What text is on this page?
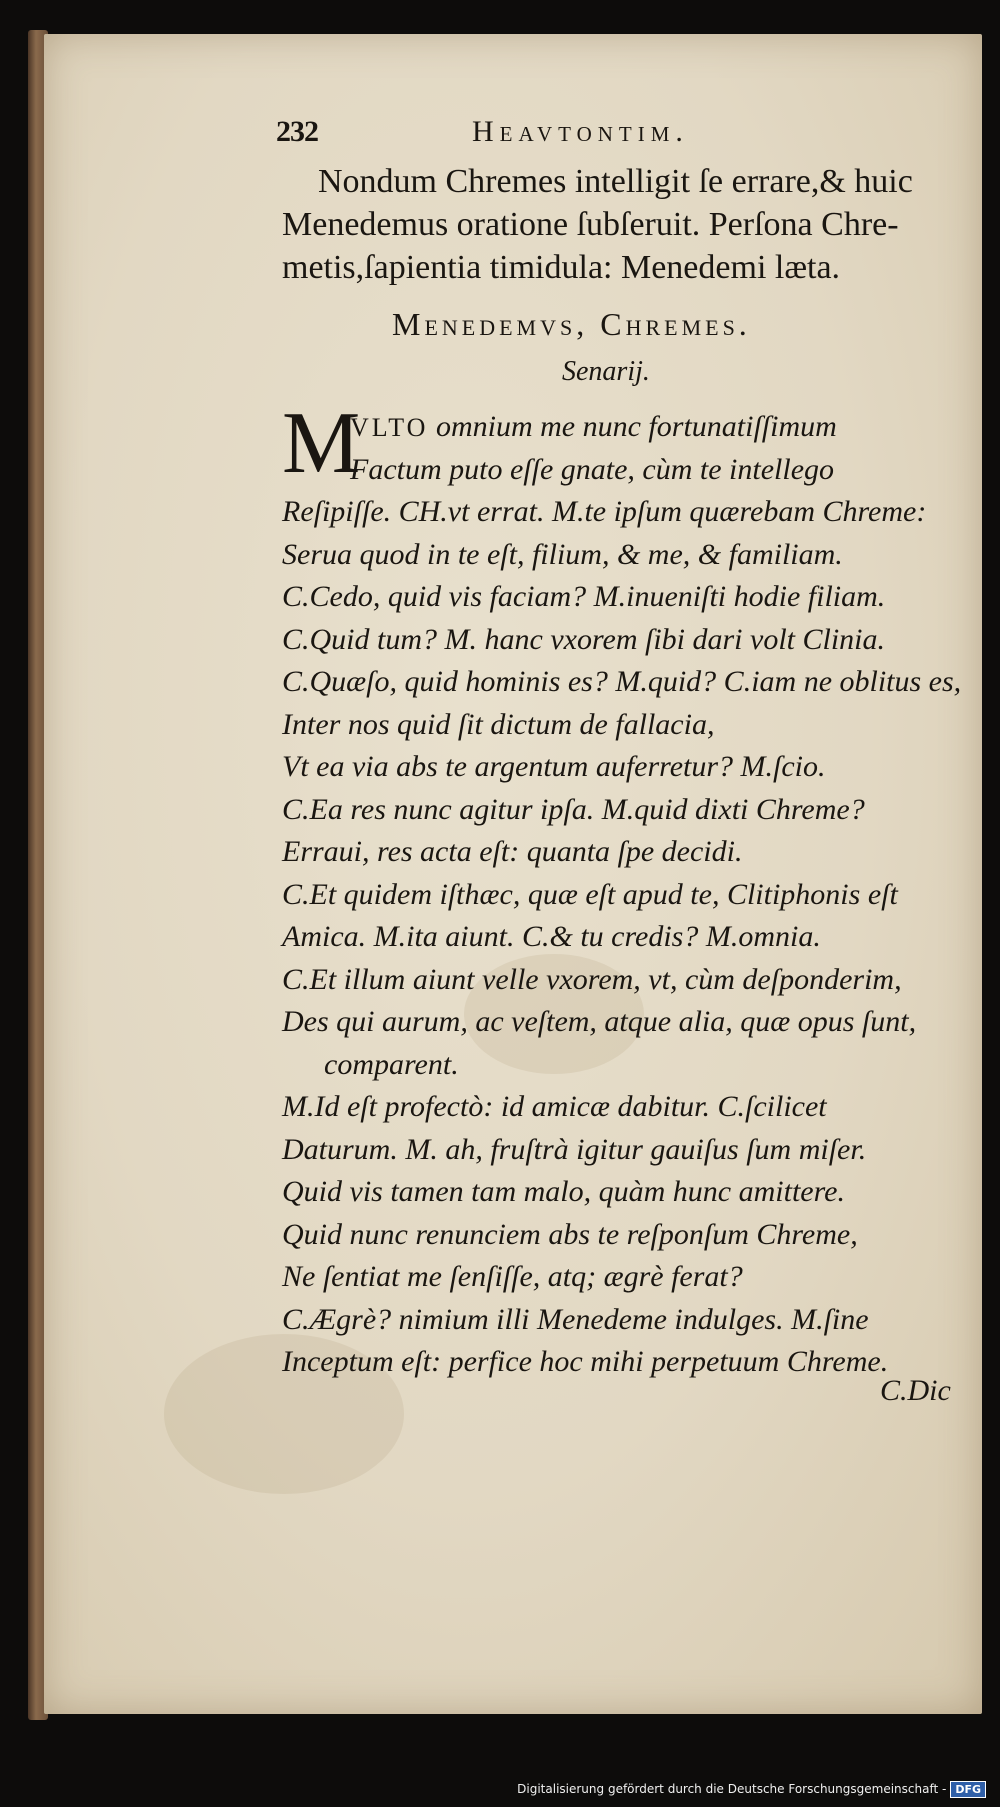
232	Heavtontim.
Nondum Chremes intelligit ſe errare,& huic
Menedemus oratione ſubſeruit. Perſona Chre-
metis,ſapientia timidula: Menedemi læta.
Menedemvs, Chremes.
Senarij.
M
VLTO omnium me nunc fortunatiſſimum
Factum puto eſſe gnate, cùm te intellego
Reſipiſſe. CH.vt errat. M.te ipſum quærebam Chreme:
Serua quod in te eſt, filium, & me, & familiam.
C.Cedo, quid vis faciam? M.inueniſti hodie filiam.
C.Quid tum? M. hanc vxorem ſibi dari volt Clinia.
C.Quæſo, quid hominis es? M.quid? C.iam ne oblitus es,
Inter nos quid ſit dictum de fallacia,
Vt ea via abs te argentum auferretur? M.ſcio.
C.Ea res nunc agitur ipſa. M.quid dixti Chreme?
Erraui, res acta eſt: quanta ſpe decidi.
C.Et quidem iſthæc, quæ eſt apud te, Clitiphonis eſt
Amica. M.ita aiunt. C.& tu credis? M.omnia.
C.Et illum aiunt velle vxorem, vt, cùm deſponderim,
Des qui aurum, ac veſtem, atque alia, quæ opus ſunt,
comparent.
M.Id eſt profectò: id amicæ dabitur. C.ſcilicet
Daturum. M. ah, fruſtrà igitur gauiſus ſum miſer.
Quid vis tamen tam malo, quàm hunc amittere.
Quid nunc renunciem abs te reſponſum Chreme,
Ne ſentiat me ſenſiſſe, atq; ægrè ferat?
C.Ægrè? nimium illi Menedeme indulges. M.ſine
Inceptum eſt: perfice hoc mihi perpetuum Chreme.
C.Dic
Digitalisierung gefördert durch die Deutsche Forschungsgemeinschaft - DFG
